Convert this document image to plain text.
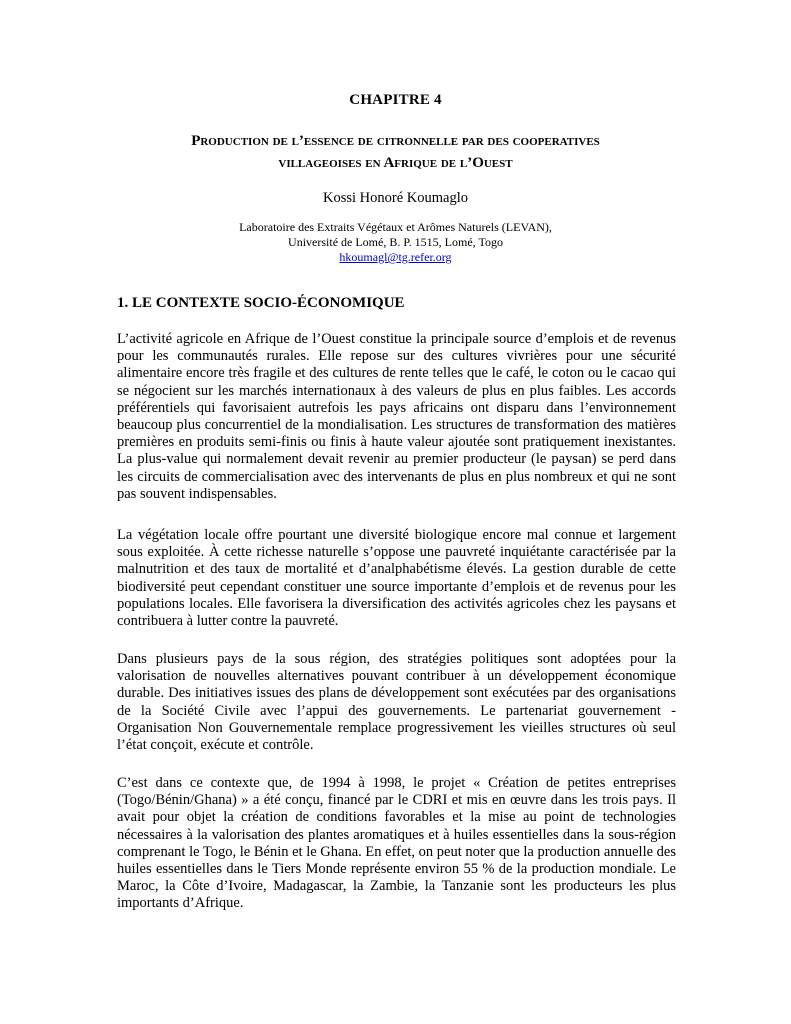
CHAPITRE 4
Production de l’essence de citronnelle par des cooperatives
villageoises en Afrique de l’Ouest
Kossi Honoré Koumaglo
Laboratoire des Extraits Végétaux et Arômes Naturels (LEVAN),
Université de Lomé, B. P. 1515, Lomé, Togo
hkoumagl@tg.refer.org
1. LE CONTEXTE SOCIO-ÉCONOMIQUE

L’activité agricole en Afrique de l’Ouest constitue la principale source d’emplois et de revenus pour les communautés rurales. Elle repose sur des cultures vivrières pour une sécurité alimentaire encore très fragile et des cultures de rente telles que le café, le coton ou le cacao qui se négocient sur les marchés internationaux à des valeurs de plus en plus faibles. Les accords préférentiels qui favorisaient autrefois les pays africains ont disparu dans l’environnement beaucoup plus concurrentiel de la mondialisation. Les structures de transformation des matières premières en produits semi-finis ou finis à haute valeur ajoutée sont pratiquement inexistantes. La plus-value qui normalement devait revenir au premier producteur (le paysan) se perd dans les circuits de commercialisation avec des intervenants de plus en plus nombreux et qui ne sont pas souvent indispensables.

La végétation locale offre pourtant une diversité biologique encore mal connue et largement sous exploitée. À cette richesse naturelle s’oppose une pauvreté inquiétante caractérisée par la malnutrition et des taux de mortalité et d’analphabétisme élevés. La gestion durable de cette biodiversité peut cependant constituer une source importante d’emplois et de revenus pour les populations locales. Elle favorisera la diversification des activités agricoles chez les paysans et contribuera à lutter contre la pauvreté.

Dans plusieurs pays de la sous région, des stratégies politiques sont adoptées pour la valorisation de nouvelles alternatives pouvant contribuer à un développement économique durable. Des initiatives issues des plans de développement sont exécutées par des organisations de la Société Civile avec l’appui des gouvernements. Le partenariat gouvernement - Organisation Non Gouvernementale remplace progressivement les vieilles structures où seul l’état conçoit, exécute et contrôle.

C’est dans ce contexte que, de 1994 à 1998, le projet « Création de petites entreprises (Togo/Bénin/Ghana) » a été conçu, financé par le CDRI et mis en œuvre dans les trois pays. Il avait pour objet la création de conditions favorables et la mise au point de technologies nécessaires à la valorisation des plantes aromatiques et à huiles essentielles dans la sous-région comprenant le Togo, le Bénin et le Ghana. En effet, on peut noter que la production annuelle des huiles essentielles dans le Tiers Monde représente environ 55 % de la production mondiale. Le Maroc, la Côte d’Ivoire, Madagascar, la Zambie, la Tanzanie sont les producteurs les plus importants d’Afrique.
